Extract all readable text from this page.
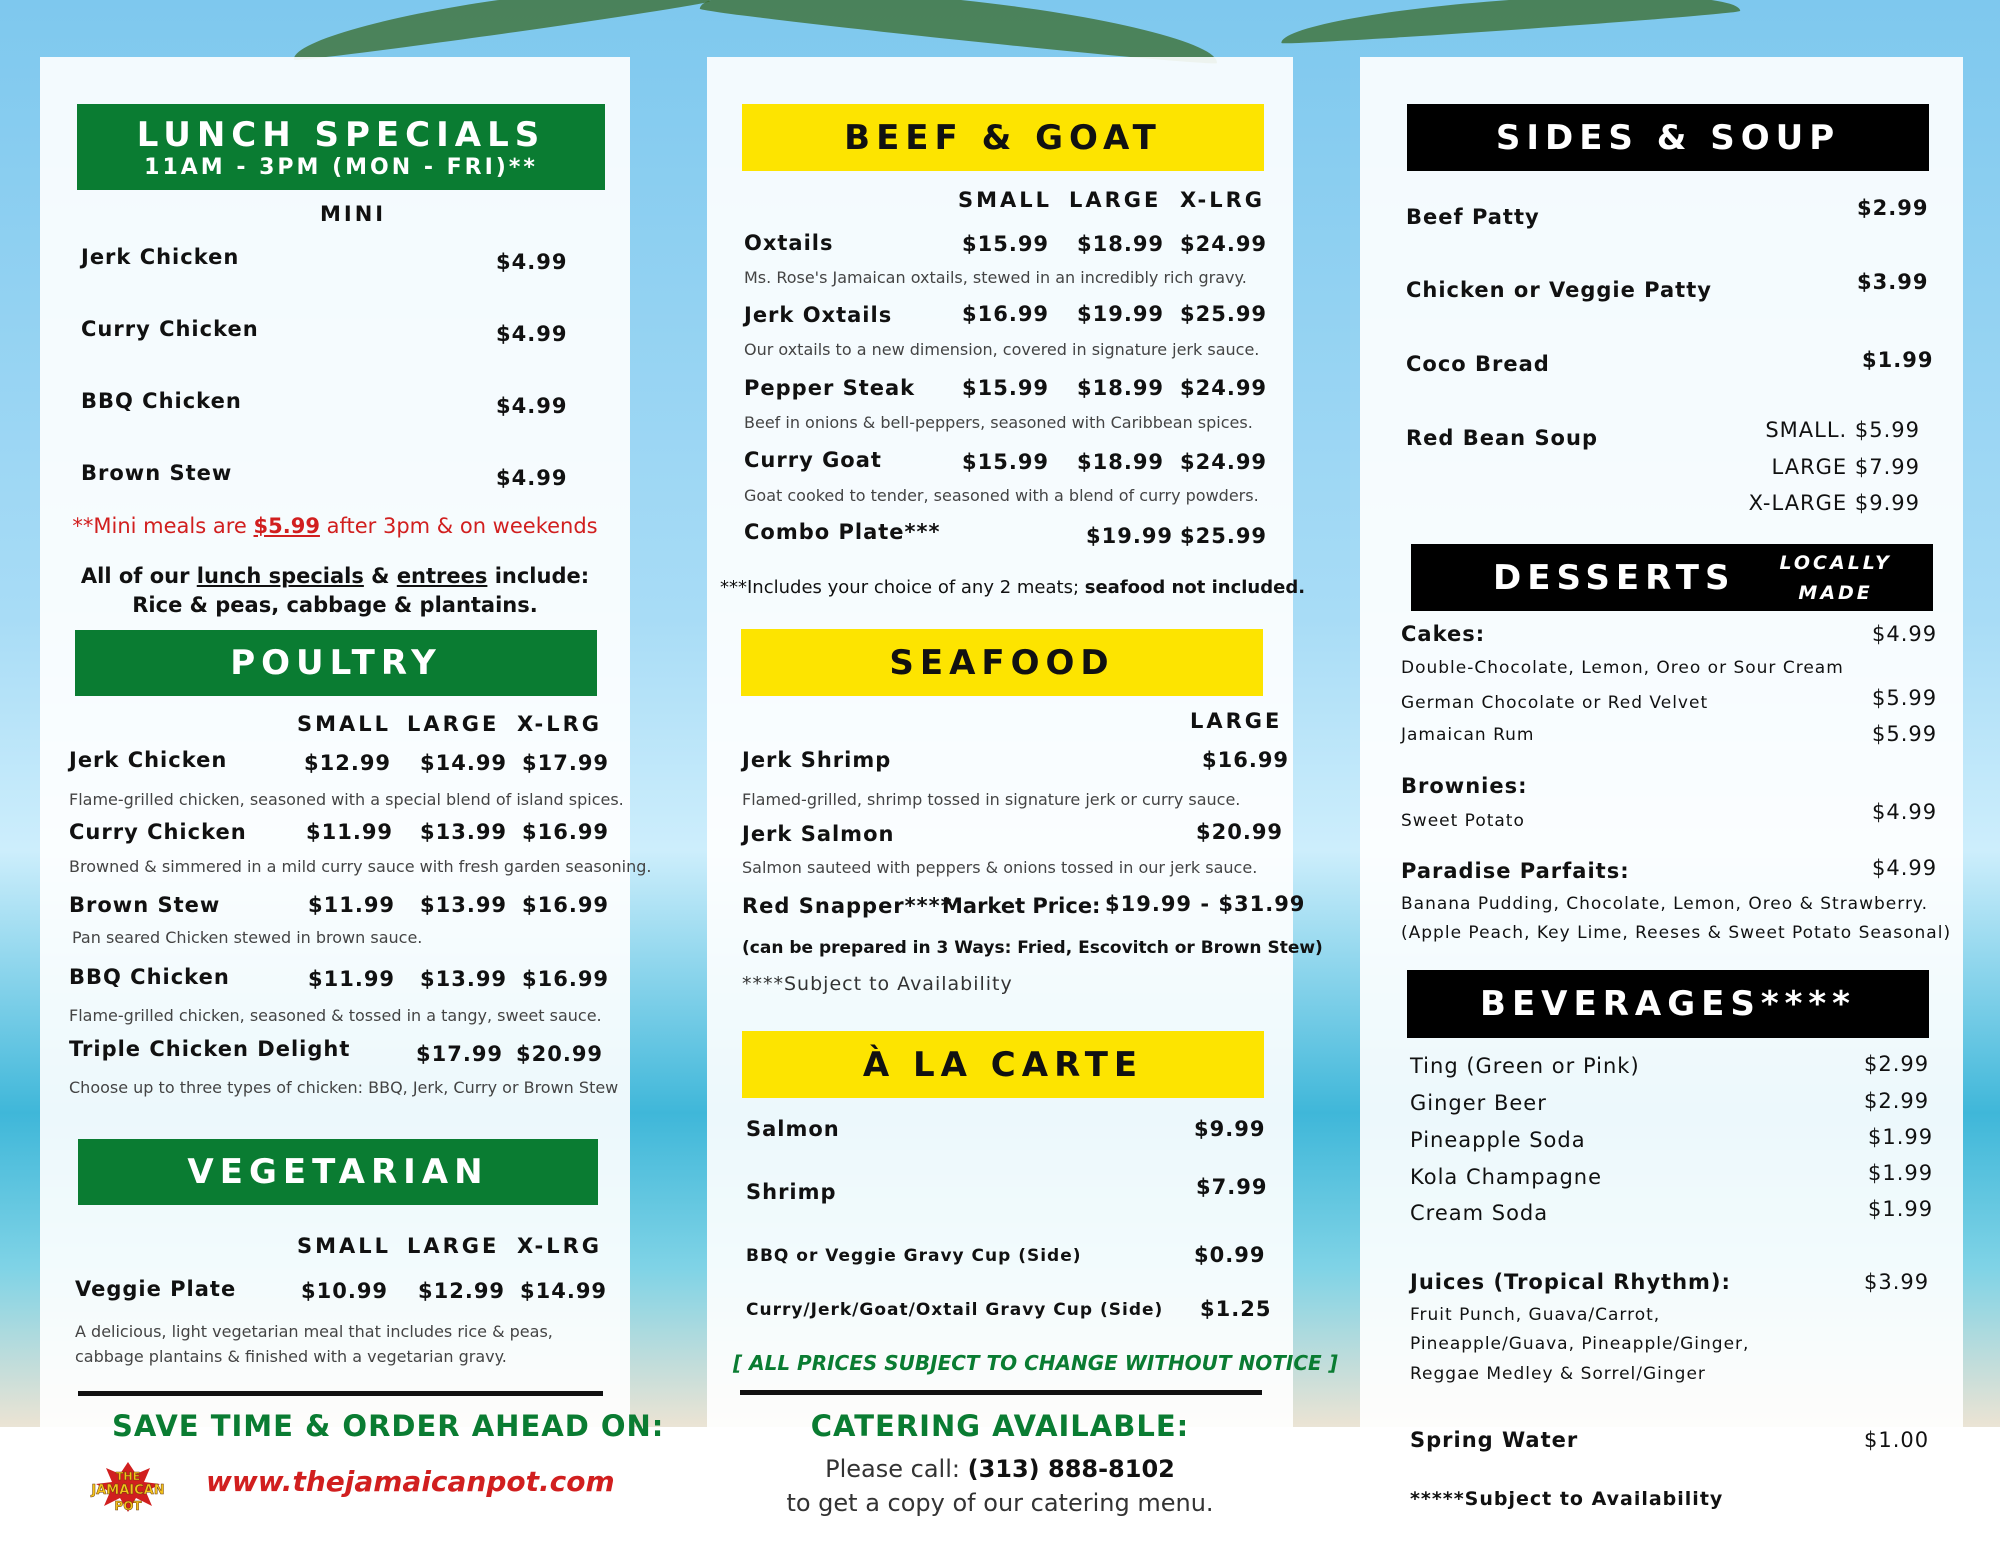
LUNCH SPECIALS
11AM - 3PM (MON - FRI)**
MINI
Jerk Chicken	$4.99
Curry Chicken	$4.99
BBQ Chicken	$4.99
Brown Stew	$4.99
**Mini meals are $5.99 after 3pm & on weekends
All of our lunch specials & entrees include:
Rice & peas, cabbage & plantains.
POULTRY
SMALL LARGE X-LRG
Jerk Chicken	$12.99 $14.99 $17.99
Flame-grilled chicken, seasoned with a special blend of island spices.
Curry Chicken	$11.99 $13.99 $16.99
Browned & simmered in a mild curry sauce with fresh garden seasoning.
Brown Stew	$11.99 $13.99 $16.99
Pan seared Chicken stewed in brown sauce.
BBQ Chicken	$11.99 $13.99 $16.99
Flame-grilled chicken, seasoned & tossed in a tangy, sweet sauce.
Triple Chicken Delight	$17.99 $20.99
Choose up to three types of chicken: BBQ, Jerk, Curry or Brown Stew
VEGETARIAN
SMALL LARGE X-LRG
Veggie Plate	$10.99 $12.99 $14.99
A delicious, light vegetarian meal that includes rice & peas,
cabbage plantains & finished with a vegetarian gravy.
SAVE TIME & ORDER AHEAD ON:
THE
JAMAICAN
POT
www.thejamaicanpot.com
BEEF & GOAT
SMALL LARGE X-LRG
Oxtails	$15.99 $18.99 $24.99
Ms. Rose's Jamaican oxtails, stewed in an incredibly rich gravy.
Jerk Oxtails	$16.99 $19.99 $25.99
Our oxtails to a new dimension, covered in signature jerk sauce.
Pepper Steak $15.99 $18.99 $24.99
Beef in onions & bell-peppers, seasoned with Caribbean spices.
Curry Goat	$15.99 $18.99 $24.99
Goat cooked to tender, seasoned with a blend of curry powders.
Combo Plate***	$19.99 $25.99
***Includes your choice of any 2 meats; seafood not included.
SEAFOOD
LARGE
Jerk Shrimp	$16.99
Flamed-grilled, shrimp tossed in signature jerk or curry sauce.
Jerk Salmon	$20.99
Salmon sauteed with peppers & onions tossed in our jerk sauce.
Red Snapper****
Market Price: $19.99 - $31.99
(can be prepared in 3 Ways: Fried, Escovitch or Brown Stew)
****Subject to Availability
À LA CARTE
Salmon	$9.99
Shrimp	$7.99
BBQ or Veggie Gravy Cup (Side)	$0.99
Curry/Jerk/Goat/Oxtail Gravy Cup (Side) $1.25
[ ALL PRICES SUBJECT TO CHANGE WITHOUT NOTICE ]
CATERING AVAILABLE:
Please call: (313) 888-8102
to get a copy of our catering menu.
SIDES & SOUP
Beef Patty	$2.99
Chicken or Veggie Patty	$3.99
Coco Bread	$1.99
Red Bean Soup	SMALL. $5.99
LARGE $7.99
X-LARGE $9.99
DESSERTS LOCALLY
MADE
Cakes:	$4.99
Double-Chocolate, Lemon, Oreo or Sour Cream
German Chocolate or Red Velvet	$5.99
Jamaican Rum	$5.99
Brownies:
Sweet Potato	$4.99
Paradise Parfaits:	$4.99
Banana Pudding, Chocolate, Lemon, Oreo & Strawberry.
(Apple Peach, Key Lime, Reeses & Sweet Potato Seasonal)
BEVERAGES****
Ting (Green or Pink)	$2.99
Ginger Beer	$2.99
Pineapple Soda	$1.99
Kola Champagne	$1.99
Cream Soda	$1.99
Juices (Tropical Rhythm):	$3.99
Fruit Punch, Guava/Carrot,
Pineapple/Guava, Pineapple/Ginger,
Reggae Medley & Sorrel/Ginger
Spring Water	$1.00
*****Subject to Availability
